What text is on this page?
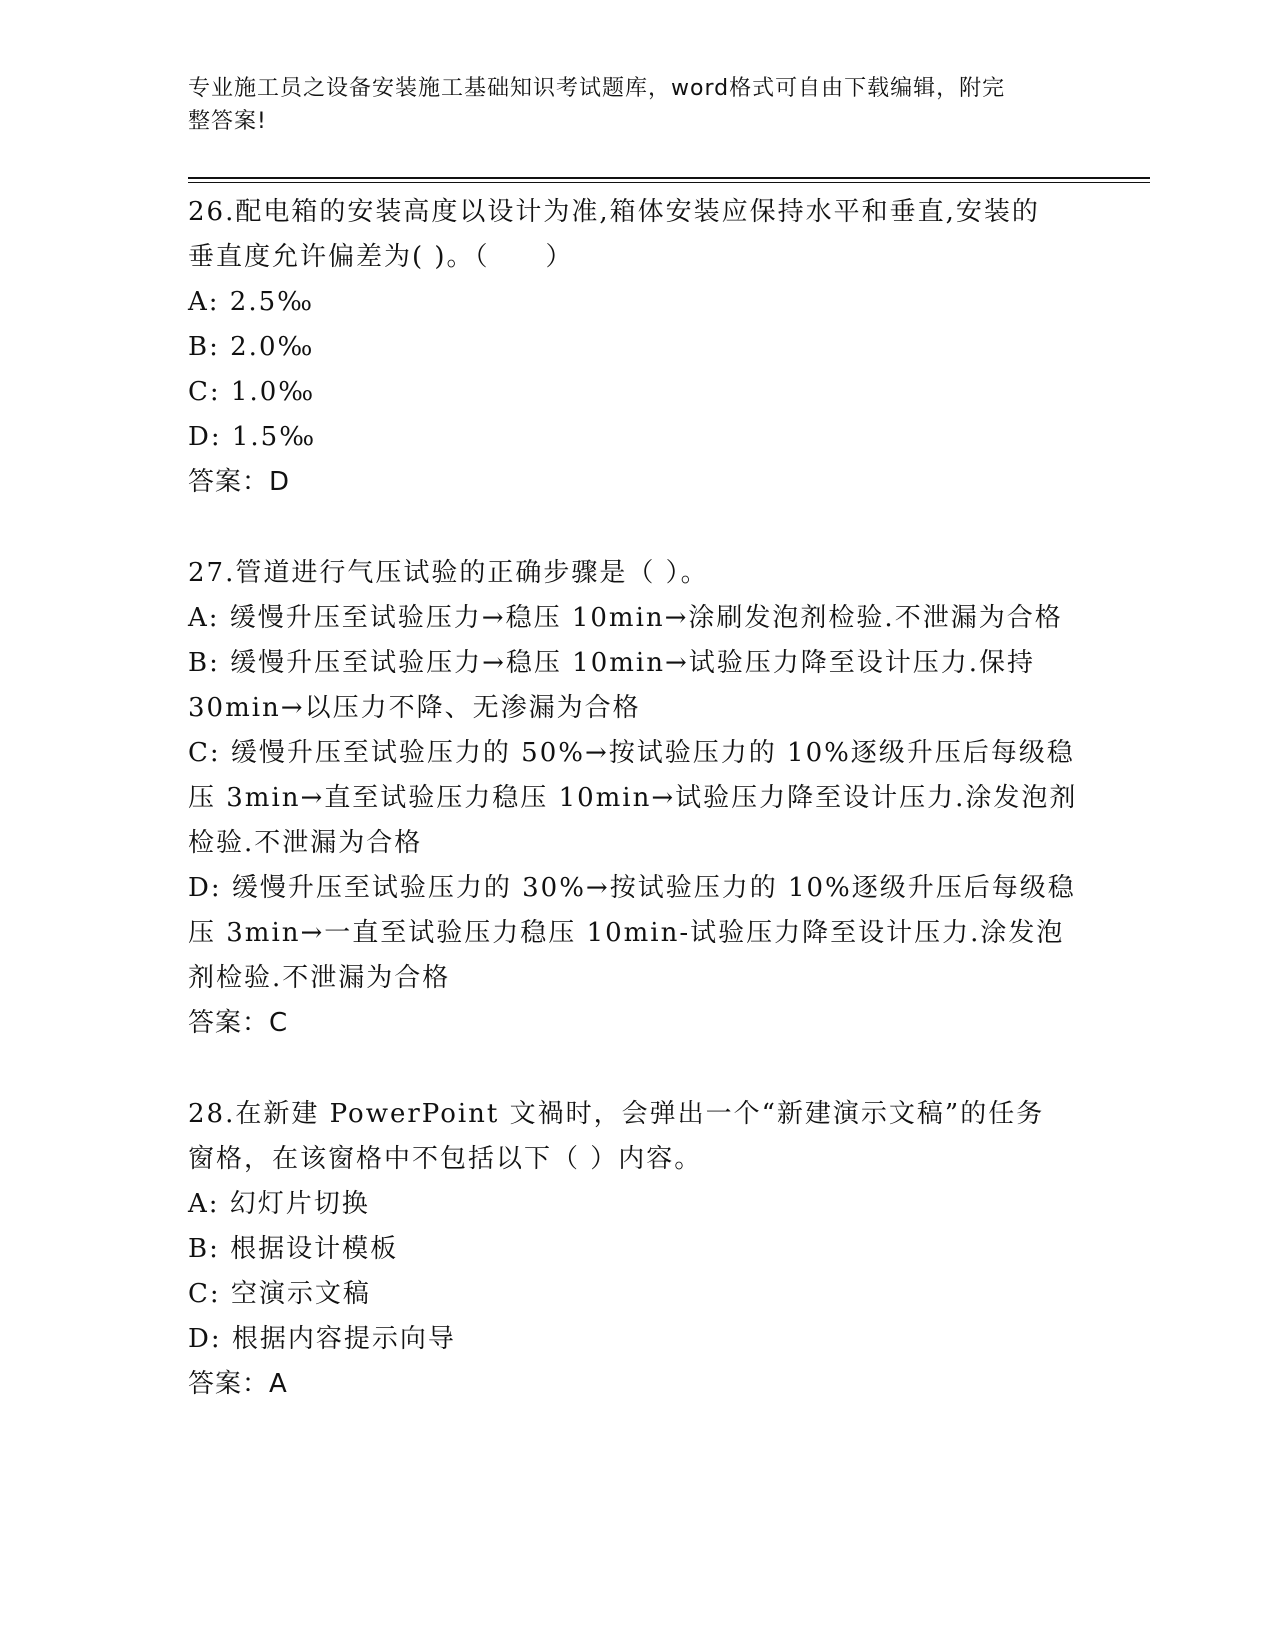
专业施工员之设备安装施工基础知识考试题库，word格式可自由下载编辑，附完
整答案!

26.配电箱的安装高度以设计为准,箱体安装应保持水平和垂直,安装的

垂直度允许偏差为( )。（　　）

A: 2.5‰

B: 2.0‰

C: 1.0‰

D: 1.5‰

答案：D

27.管道进行气压试验的正确步骤是（ ）。

A: 缓慢升压至试验压力→稳压 10min→涂刷发泡剂检验.不泄漏为合格

B: 缓慢升压至试验压力→稳压 10min→试验压力降至设计压力.保持

30min→以压力不降、无渗漏为合格

C: 缓慢升压至试验压力的 50%→按试验压力的 10%逐级升压后每级稳

压 3min→直至试验压力稳压 10min→试验压力降至设计压力.涂发泡剂

检验.不泄漏为合格

D: 缓慢升压至试验压力的 30%→按试验压力的 10%逐级升压后每级稳

压 3min→一直至试验压力稳压 10min-试验压力降至设计压力.涂发泡

剂检验.不泄漏为合格

答案：C

28.在新建 PowerPoint 文禍时，会弹出一个“新建演示文稿”的任务

窗格，在该窗格中不包括以下（ ）内容。

A: 幻灯片切换

B: 根据设计模板

C: 空演示文稿

D: 根据内容提示向导

答案：A
